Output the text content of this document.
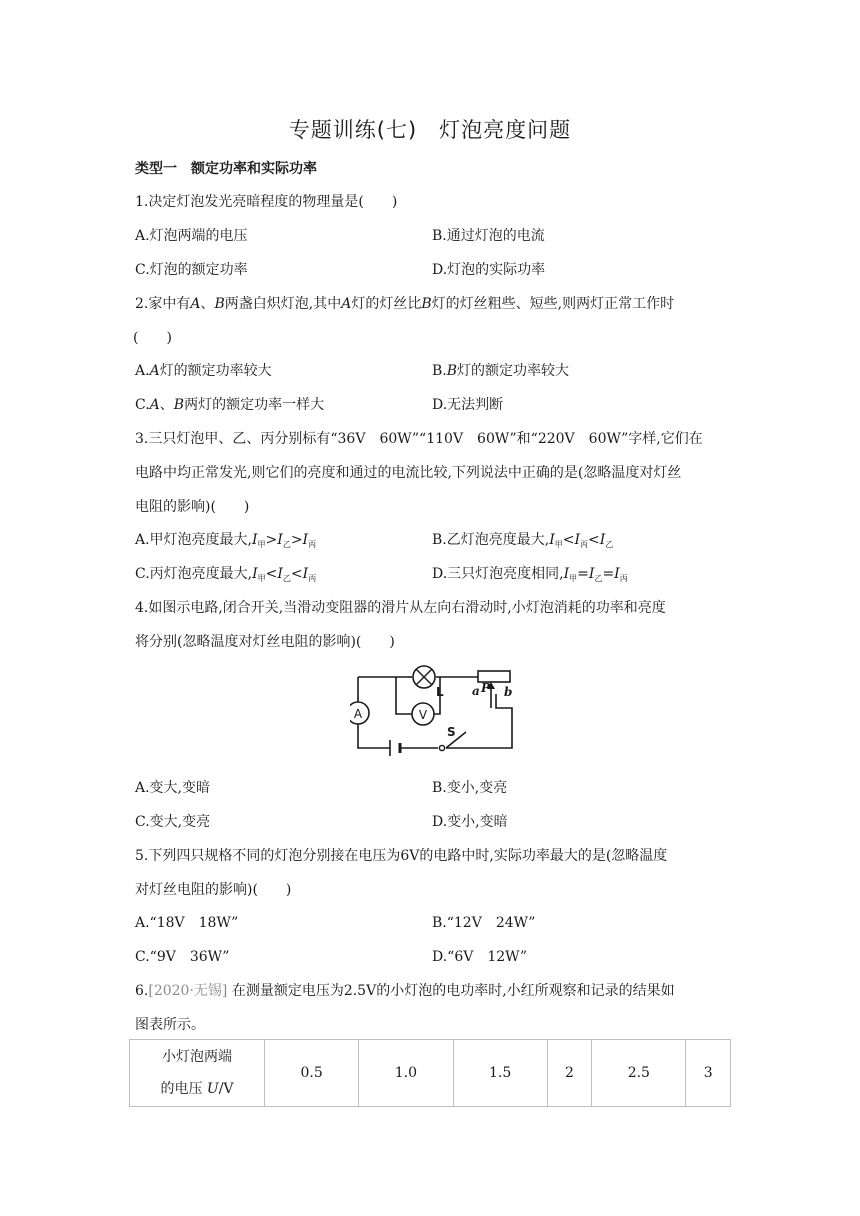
专题训练(七)　灯泡亮度问题
类型一　额定功率和实际功率
1.决定灯泡发光亮暗程度的物理量是(　　)
A.灯泡两端的电压	B.通过灯泡的电流
C.灯泡的额定功率	D.灯泡的实际功率
2.家中有A、B两盏白炽灯泡,其中A灯的灯丝比B灯的灯丝粗些、短些,则两灯正常工作时
(　　)
A.A灯的额定功率较大	B.B灯的额定功率较大
C.A、B两灯的额定功率一样大	D.无法判断
3.三只灯泡甲、乙、丙分别标有“36V　60W”“110V　60W”和“220V　60W”字样,它们在
电路中均正常发光,则它们的亮度和通过的电流比较,下列说法中正确的是(忽略温度对灯丝
电阻的影响)(　　)
A.甲灯泡亮度最大$,I_甲>I_乙>I_丙$	B.乙灯泡亮度最大$,I_甲<I_丙<I_乙$
C.丙灯泡亮度最大$,I_甲<I_乙<I_丙$	D.三只灯泡亮度相同$,I_甲=I_乙=I_丙$
4.如图示电路,闭合开关,当滑动变阻器的滑片从左向右滑动时,小灯泡消耗的功率和亮度
将分别(忽略温度对灯丝电阻的影响)(　　)
A
L
V
a P b
S
A.变大,变暗	B.变小,变亮
C.变大,变亮	D.变小,变暗
5.下列四只规格不同的灯泡分别接在电压为6V的电路中时,实际功率最大的是(忽略温度
对灯丝电阻的影响)(　　)
A.“18V　18W”	B.“12V　24W”
C.“9V　36W”	D.“6V　12W”
6.[2020·无锡] 在测量额定电压为2.5V的小灯泡的电功率时,小红所观察和记录的结果如
图表所示。
小灯泡两端
的电压 U/V	0.5	1.0	1.5	2	2.5	3
